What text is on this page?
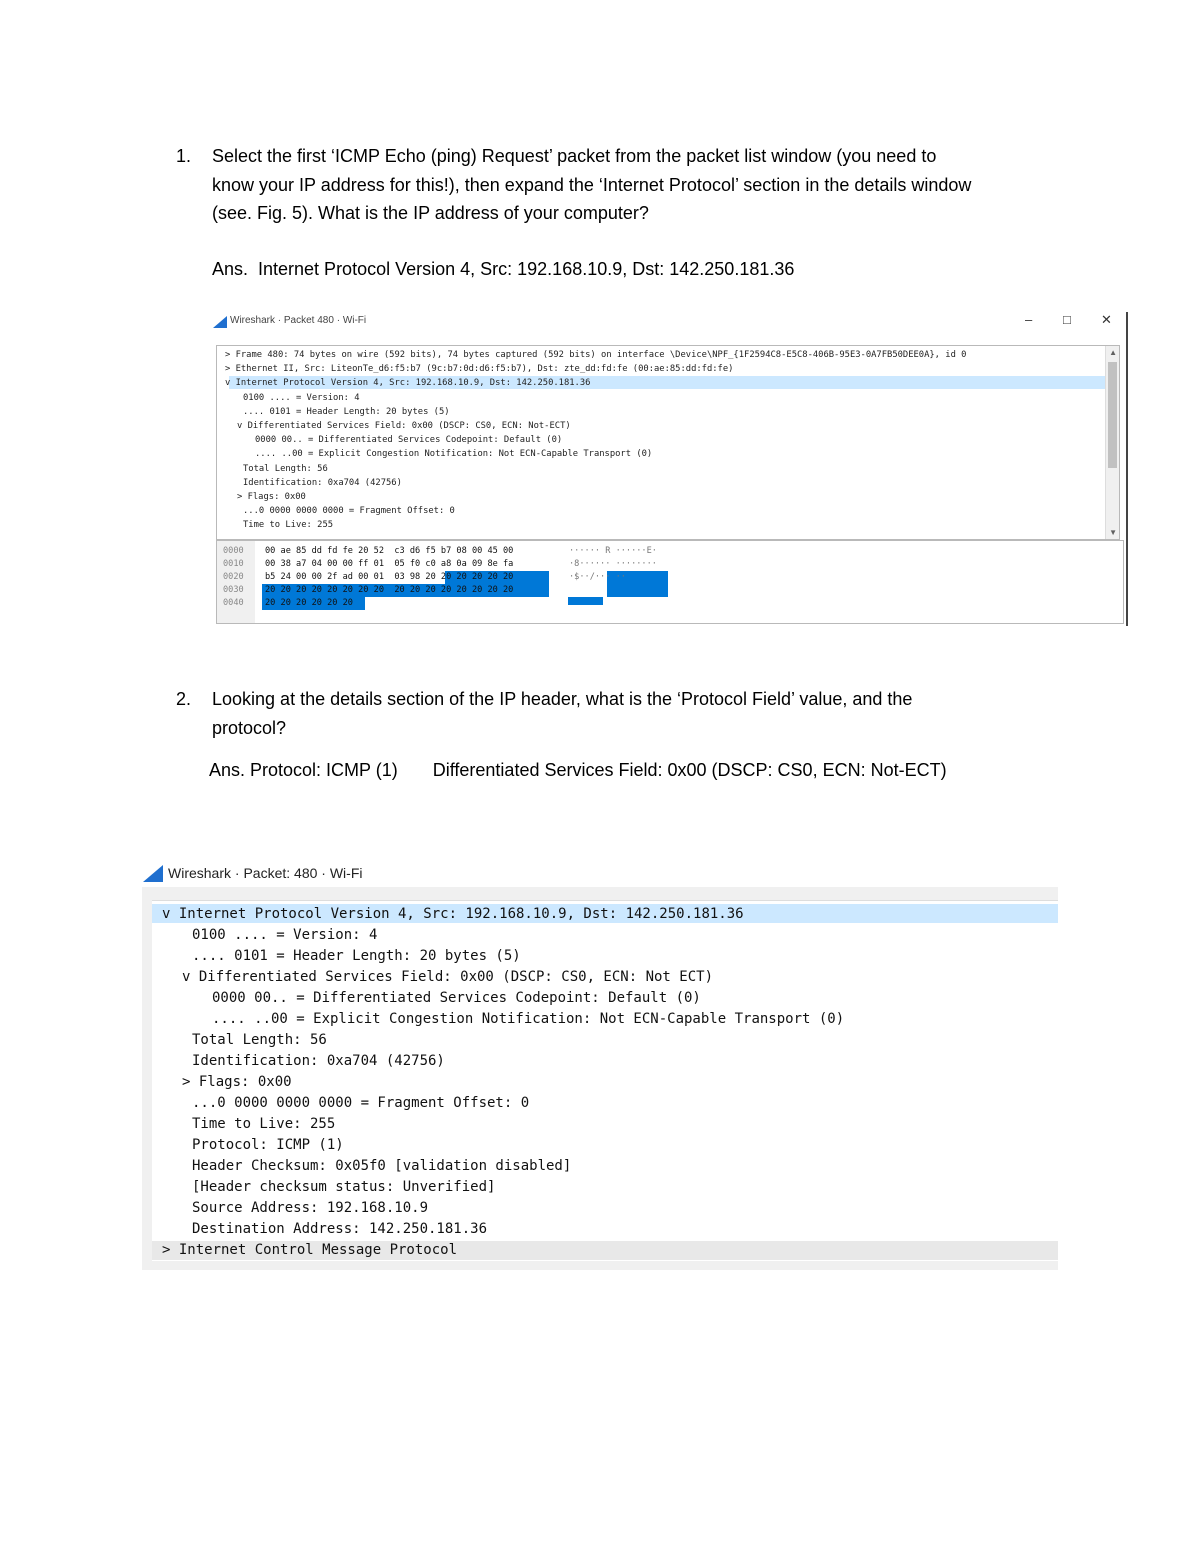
1. Select the first ‘ICMP Echo (ping) Request’ packet from the packet list window (you need to
know your IP address for this!), then expand the ‘Internet Protocol’ section in the details window
(see. Fig. 5). What is the IP address of your computer?
Ans.  Internet Protocol Version 4, Src: 192.168.10.9, Dst: 142.250.181.36
Wireshark · Packet 480 · Wi-Fi	– □ ✕
> Frame 480: 74 bytes on wire (592 bits), 74 bytes captured (592 bits) on interface \Device\NPF_{1F2594C8-E5C8-406B-95E3-0A7FB50DEE0A}, id 0
> Ethernet II, Src: LiteonTe_d6:f5:b7 (9c:b7:0d:d6:f5:b7), Dst: zte_dd:fd:fe (00:ae:85:dd:fd:fe)
v Internet Protocol Version 4, Src: 192.168.10.9, Dst: 142.250.181.36
0100 .... = Version: 4
.... 0101 = Header Length: 20 bytes (5)
v Differentiated Services Field: 0x00 (DSCP: CS0, ECN: Not-ECT)
0000 00.. = Differentiated Services Codepoint: Default (0)
.... ..00 = Explicit Congestion Notification: Not ECN-Capable Transport (0)
Total Length: 56
Identification: 0xa704 (42756)
> Flags: 0x00
...0 0000 0000 0000 = Fragment Offset: 0
Time to Live: 255
▲
▼
0000 00 ae 85 dd fd fe 20 52  c3 d6 f5 b7 08 00 45 00	······ R ······E·
0010 00 38 a7 04 00 00 ff 01  05 f0 c0 a8 0a 09 8e fa	·8······ ········
0020 b5 24 00 00 2f ad 00 01  03 98 20 20 20 20 20 20	·$··/··· ··
0030 20 20 20 20 20 20 20 20  20 20 20 20 20 20 20 20
0040 20 20 20 20 20 20
2. Looking at the details section of the IP header, what is the ‘Protocol Field’ value, and the
protocol?
Ans. Protocol: ICMP (1)       Differentiated Services Field: 0x00 (DSCP: CS0, ECN: Not-ECT)
Wireshark · Packet: 480 · Wi-Fi
v Internet Protocol Version 4, Src: 192.168.10.9, Dst: 142.250.181.36
0100 .... = Version: 4
.... 0101 = Header Length: 20 bytes (5)
v Differentiated Services Field: 0x00 (DSCP: CS0, ECN: Not ECT)
0000 00.. = Differentiated Services Codepoint: Default (0)
.... ..00 = Explicit Congestion Notification: Not ECN-Capable Transport (0)
Total Length: 56
Identification: 0xa704 (42756)
> Flags: 0x00
...0 0000 0000 0000 = Fragment Offset: 0
Time to Live: 255
Protocol: ICMP (1)
Header Checksum: 0x05f0 [validation disabled]
[Header checksum status: Unverified]
Source Address: 192.168.10.9
Destination Address: 142.250.181.36
> Internet Control Message Protocol
